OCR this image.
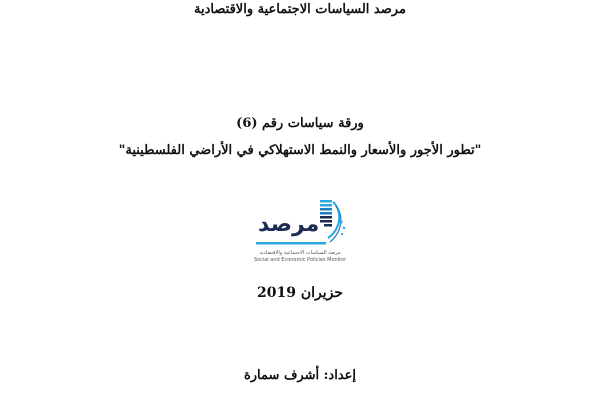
مرصد السياسات الاجتماعية والاقتصادية
ورقة سياسات رقم (6)
"تطور الأجور والأسعار والنمط الاستهلاكي في الأراضي الفلسطينية"
مرصد
مرصد السياسات الاجتماعية والاقتصادية
Social and Economic Policies Monitor
حزيران 2019
إعداد: أشرف سمارة
